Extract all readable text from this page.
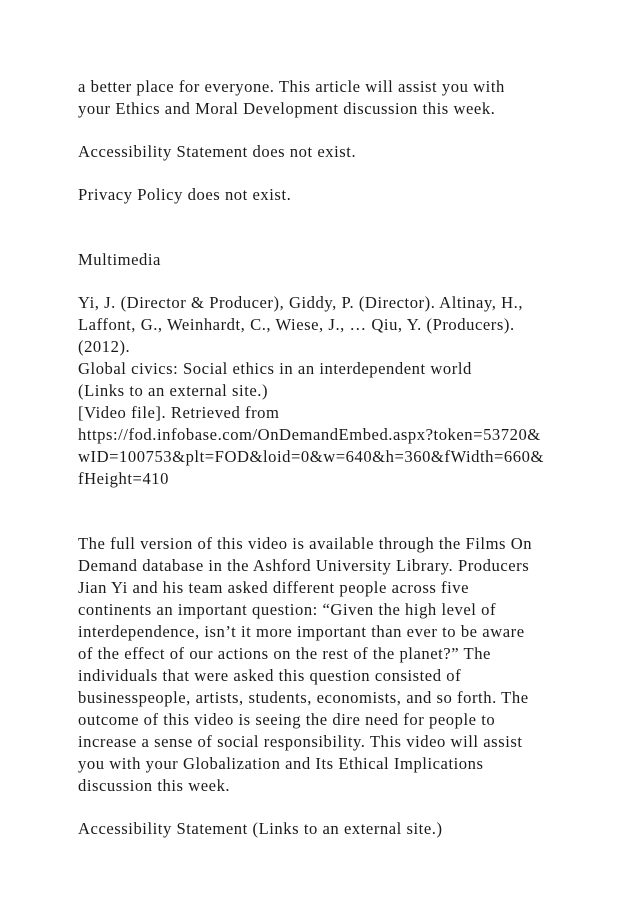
a better place for everyone. This article will assist you with

your Ethics and Moral Development discussion this week.

Accessibility Statement does not exist.

Privacy Policy does not exist.

Multimedia

Yi, J. (Director & Producer), Giddy, P. (Director). Altinay, H.,

Laffont, G., Weinhardt, C., Wiese, J., … Qiu, Y. (Producers).

(2012).

Global civics: Social ethics in an interdependent world

(Links to an external site.)

[Video file]. Retrieved from

https://fod.infobase.com/OnDemandEmbed.aspx?token=53720&

wID=100753&plt=FOD&loid=0&w=640&h=360&fWidth=660&

fHeight=410

The full version of this video is available through the Films On

Demand database in the Ashford University Library. Producers

Jian Yi and his team asked different people across five

continents an important question: “Given the high level of

interdependence, isn’t it more important than ever to be aware

of the effect of our actions on the rest of the planet?” The

individuals that were asked this question consisted of

businesspeople, artists, students, economists, and so forth. The

outcome of this video is seeing the dire need for people to

increase a sense of social responsibility. This video will assist

you with your Globalization and Its Ethical Implications

discussion this week.

Accessibility Statement (Links to an external site.)
